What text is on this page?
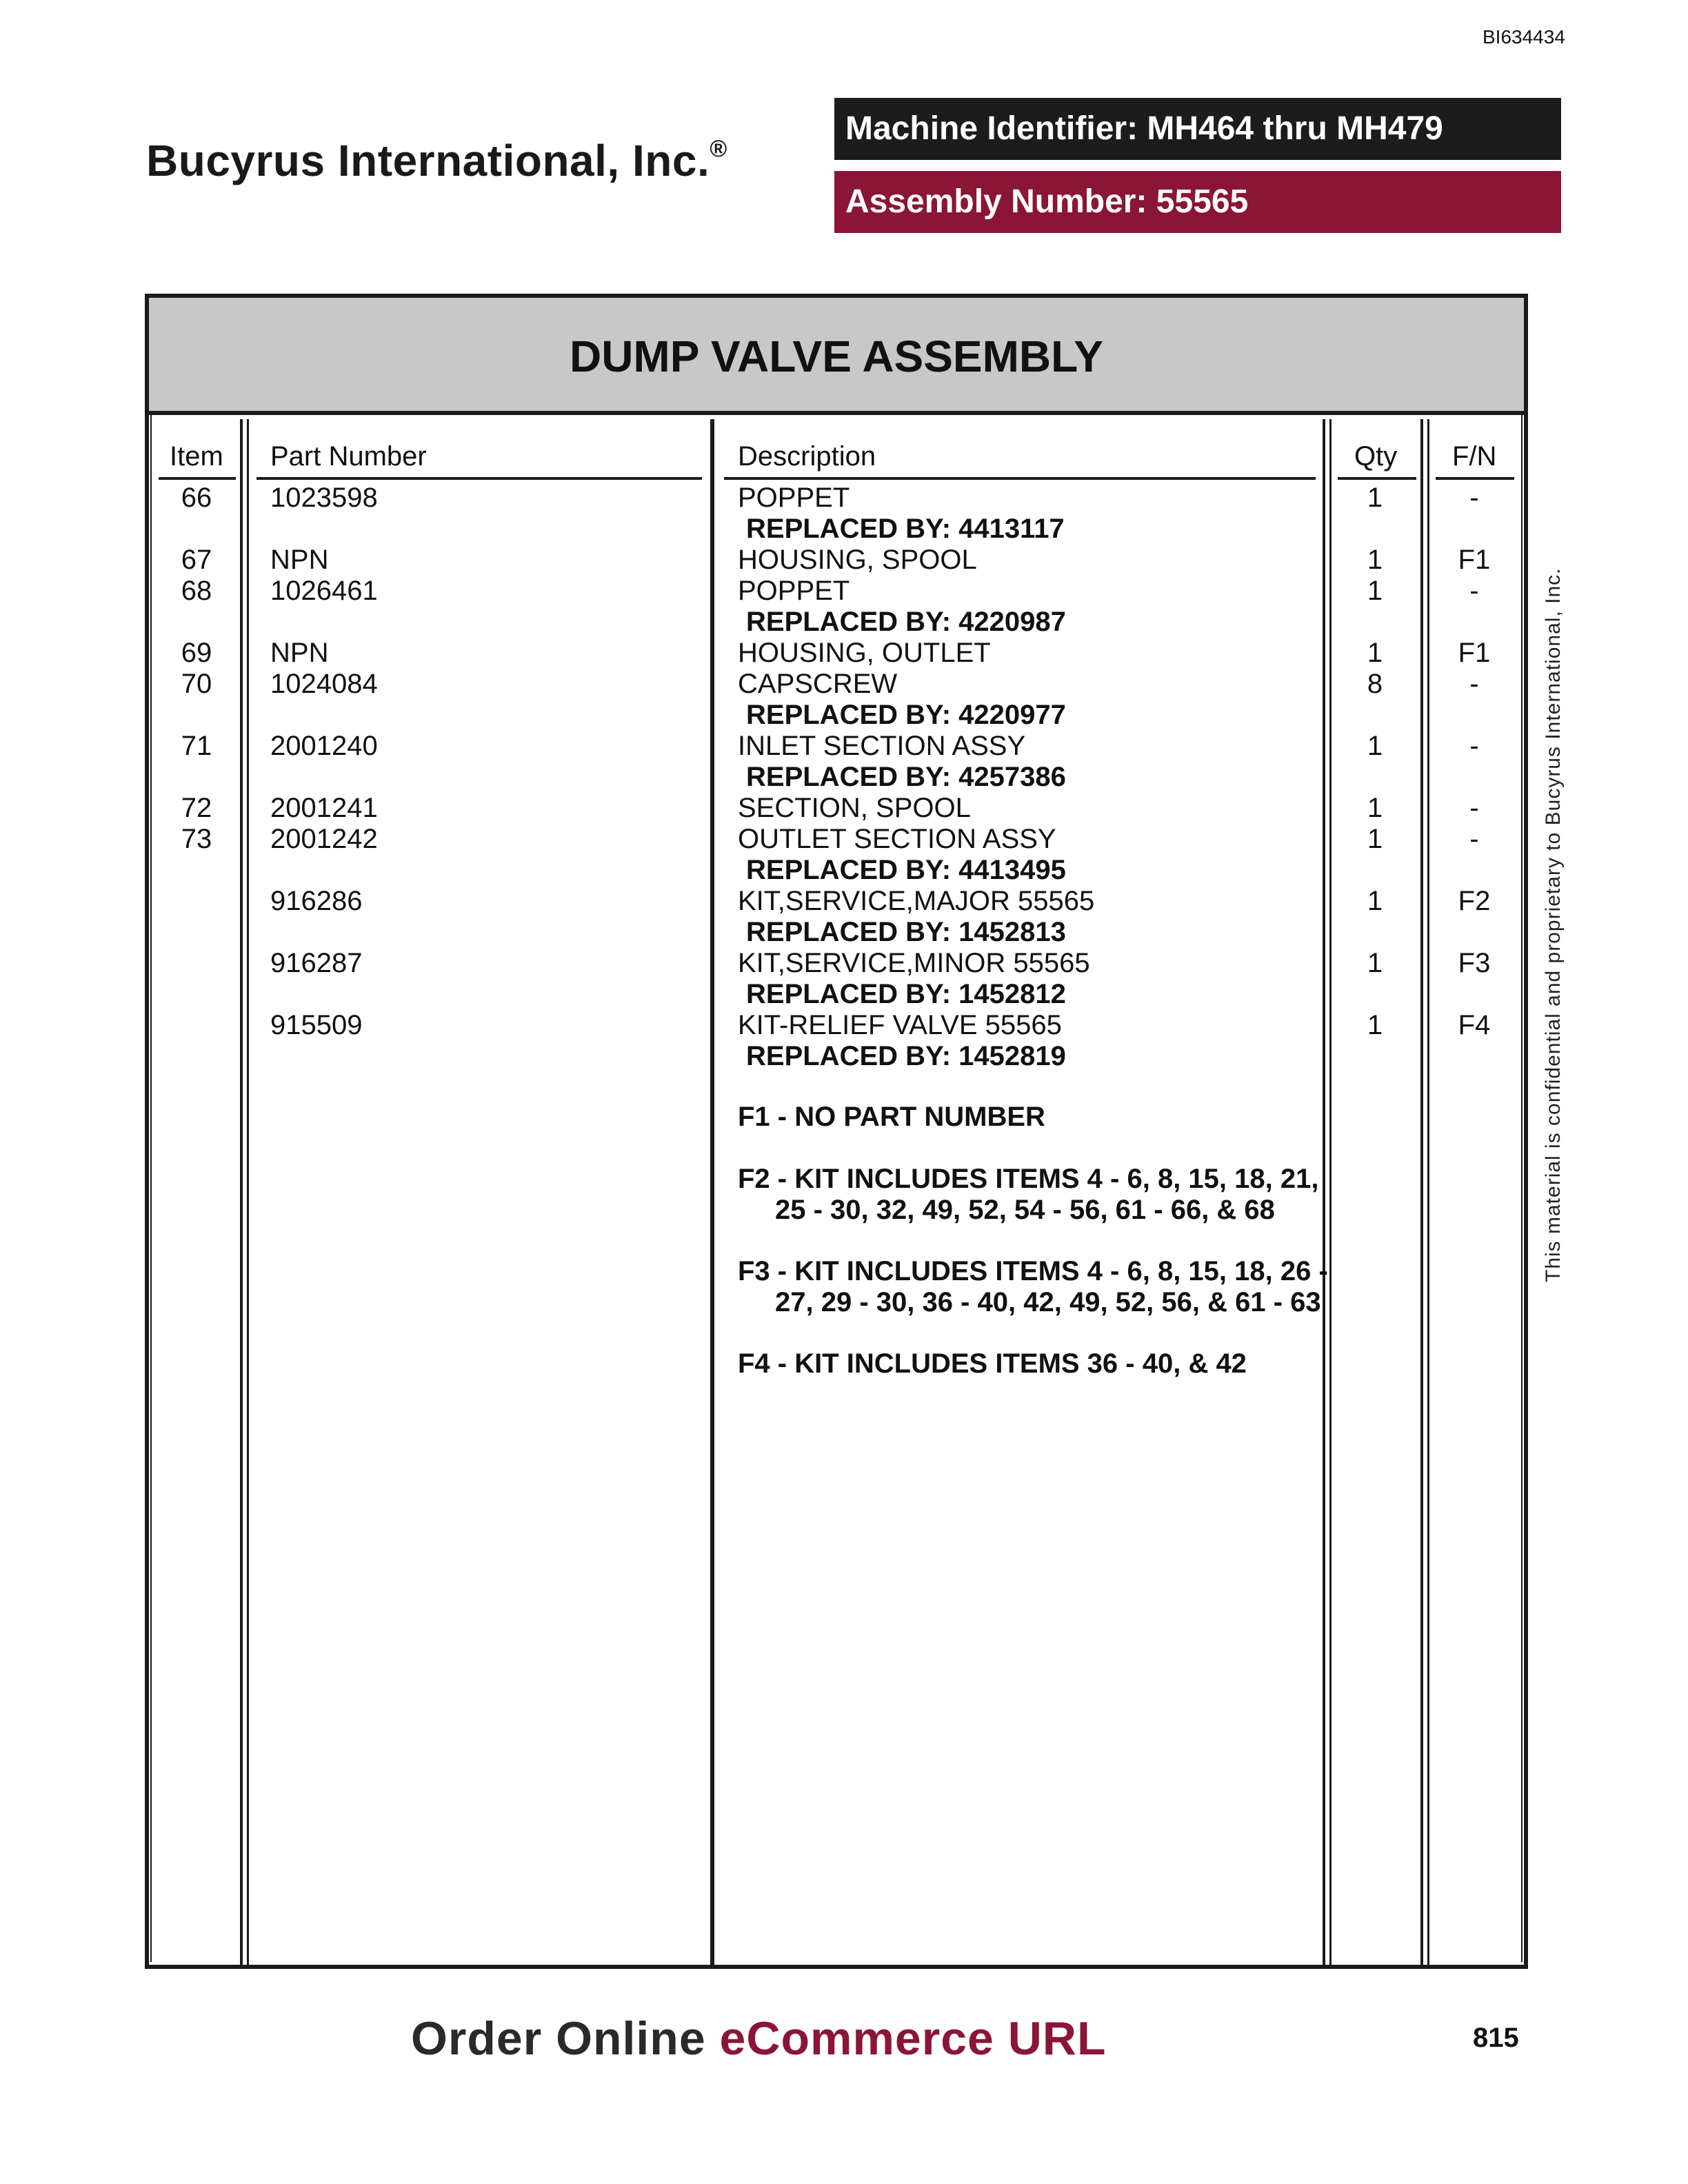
BI634434
Bucyrus International, Inc.®
Machine Identifier: MH464 thru MH479
Assembly Number: 55565
DUMP VALVE ASSEMBLY
Item Part Number	Description	Qty F/N
66	1023598	POPPET	1	-
REPLACED BY: 4413117
67	NPN	HOUSING, SPOOL	1	F1
68	1026461	POPPET	1	-
REPLACED BY: 4220987
69	NPN	HOUSING, OUTLET	1	F1
70	1024084	CAPSCREW	8	-
REPLACED BY: 4220977
71	2001240	INLET SECTION ASSY	1	-
REPLACED BY: 4257386
72	2001241	SECTION, SPOOL	1	-
73	2001242	OUTLET SECTION ASSY	1	-
REPLACED BY: 4413495
916286	KIT,SERVICE,MAJOR 55565	1	F2
REPLACED BY: 1452813
916287	KIT,SERVICE,MINOR 55565	1	F3
REPLACED BY: 1452812
915509	KIT-RELIEF VALVE 55565	1	F4
REPLACED BY: 1452819
F1 - NO PART NUMBER
F2 - KIT INCLUDES ITEMS 4 - 6, 8, 15, 18, 21,
25 - 30, 32, 49, 52, 54 - 56, 61 - 66, & 68
F3 - KIT INCLUDES ITEMS 4 - 6, 8, 15, 18, 26 -
27, 29 - 30, 36 - 40, 42, 49, 52, 56, & 61 - 63
F4 - KIT INCLUDES ITEMS 36 - 40, & 42
This material is confidential and proprietary to Bucyrus International, Inc.
Order Online eCommerce URL	815
